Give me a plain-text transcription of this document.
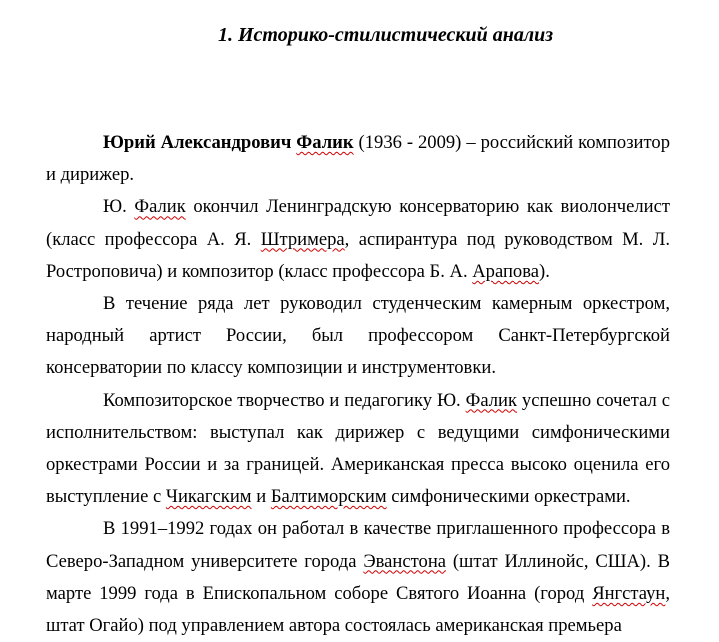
1. Историко-стилистический анализ

Юрий Александрович Фалик (1936 - 2009) – российский композитор и дирижер.

Ю. Фалик окончил Ленинградскую консерваторию как виолончелист (класс профессора А. Я. Штримера, аспирантура под руководством М. Л. Ростроповича) и композитор (класс профессора Б. А. Арапова).

В течение ряда лет руководил студенческим камерным оркестром, народный артист России, был профессором Санкт-Петербургской консерватории по классу композиции и инструментовки.

Композиторское творчество и педагогику Ю. Фалик успешно сочетал с исполнительством: выступал как дирижер с ведущими симфоническими оркестрами России и за границей. Американская пресса высоко оценила его выступление с Чикагским и Балтиморским симфоническими оркестрами.

В 1991–1992 годах он работал в качестве приглашенного профессора в Северо-Западном университете города Эванстона (штат Иллинойс, США). В марте 1999 года в Епископальном соборе Святого Иоанна (город Янгстаун, штат Огайо) под управлением автора состоялась американская премьера
